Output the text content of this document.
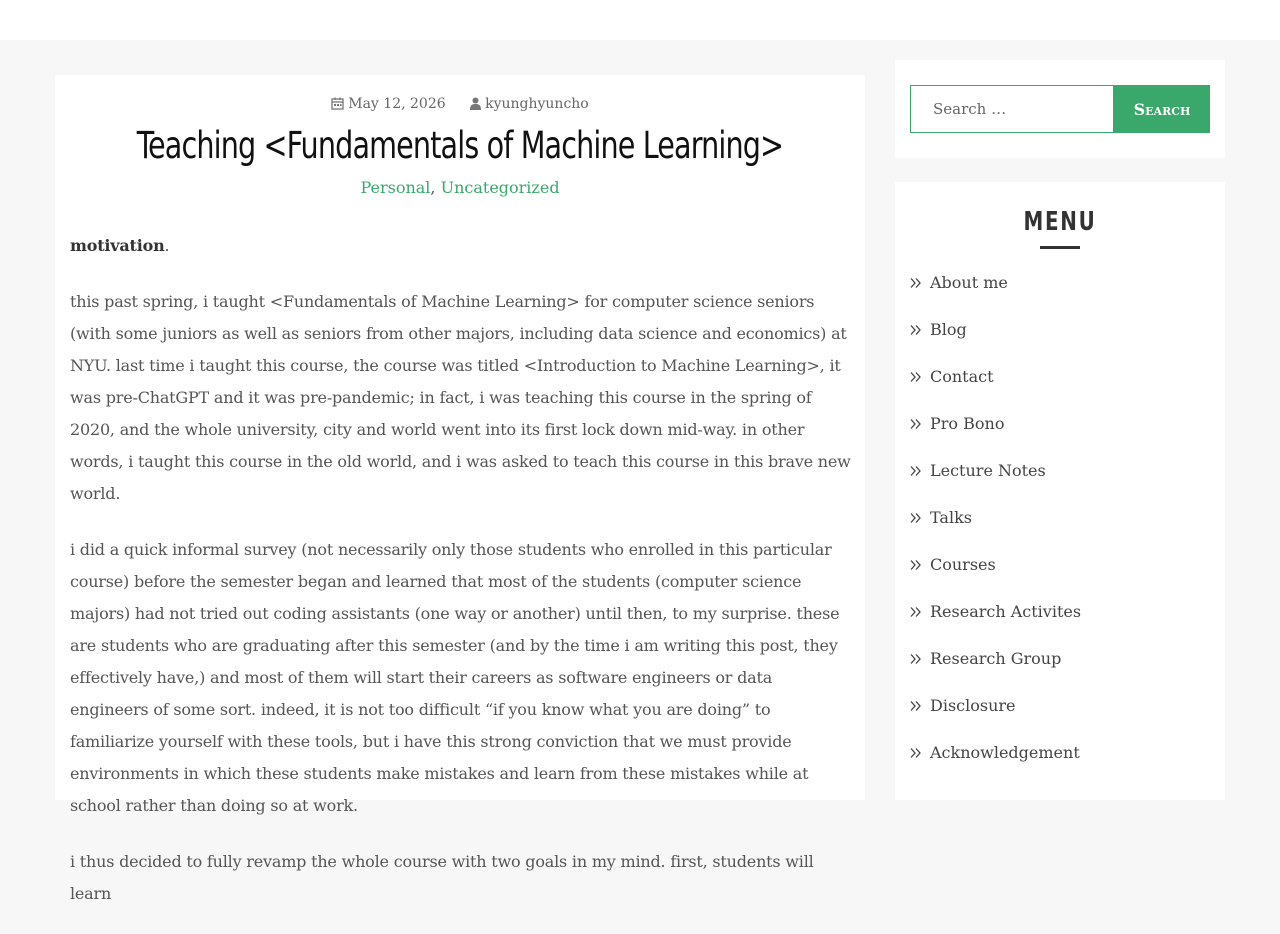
May 12, 2026	kyunghyuncho
Teaching <Fundamentals of Machine Learning>
Personal, Uncategorized

motivation.

this past spring, i taught <Fundamentals of Machine Learning> for computer science seniors (with some juniors as well as seniors from other majors, including data science and economics) at NYU. last time i taught this course, the course was titled <Introduction to Machine Learning>, it was pre-ChatGPT and it was pre-pandemic; in fact, i was teaching this course in the spring of 2020, and the whole university, city and world went into its first lock down mid-way. in other words, i taught this course in the old world, and i was asked to teach this course in this brave new world.

i did a quick informal survey (not necessarily only those students who enrolled in this particular course) before the semester began and learned that most of the students (computer science majors) had not tried out coding assistants (one way or another) until then, to my surprise. these are students who are graduating after this semester (and by the time i am writing this post, they effectively have,) and most of them will start their careers as software engineers or data engineers of some sort. indeed, it is not too difficult “if you know what you are doing” to familiarize yourself with these tools, but i have this strong conviction that we must provide environments in which these students make mistakes and learn from these mistakes while at school rather than doing so at work.

i thus decided to fully revamp the whole course with two goals in my mind. first, students will learn

Search …
Search
MENU
About me
Blog
Contact
Pro Bono
Lecture Notes
Talks
Courses
Research Activites
Research Group
Disclosure
Acknowledgement
